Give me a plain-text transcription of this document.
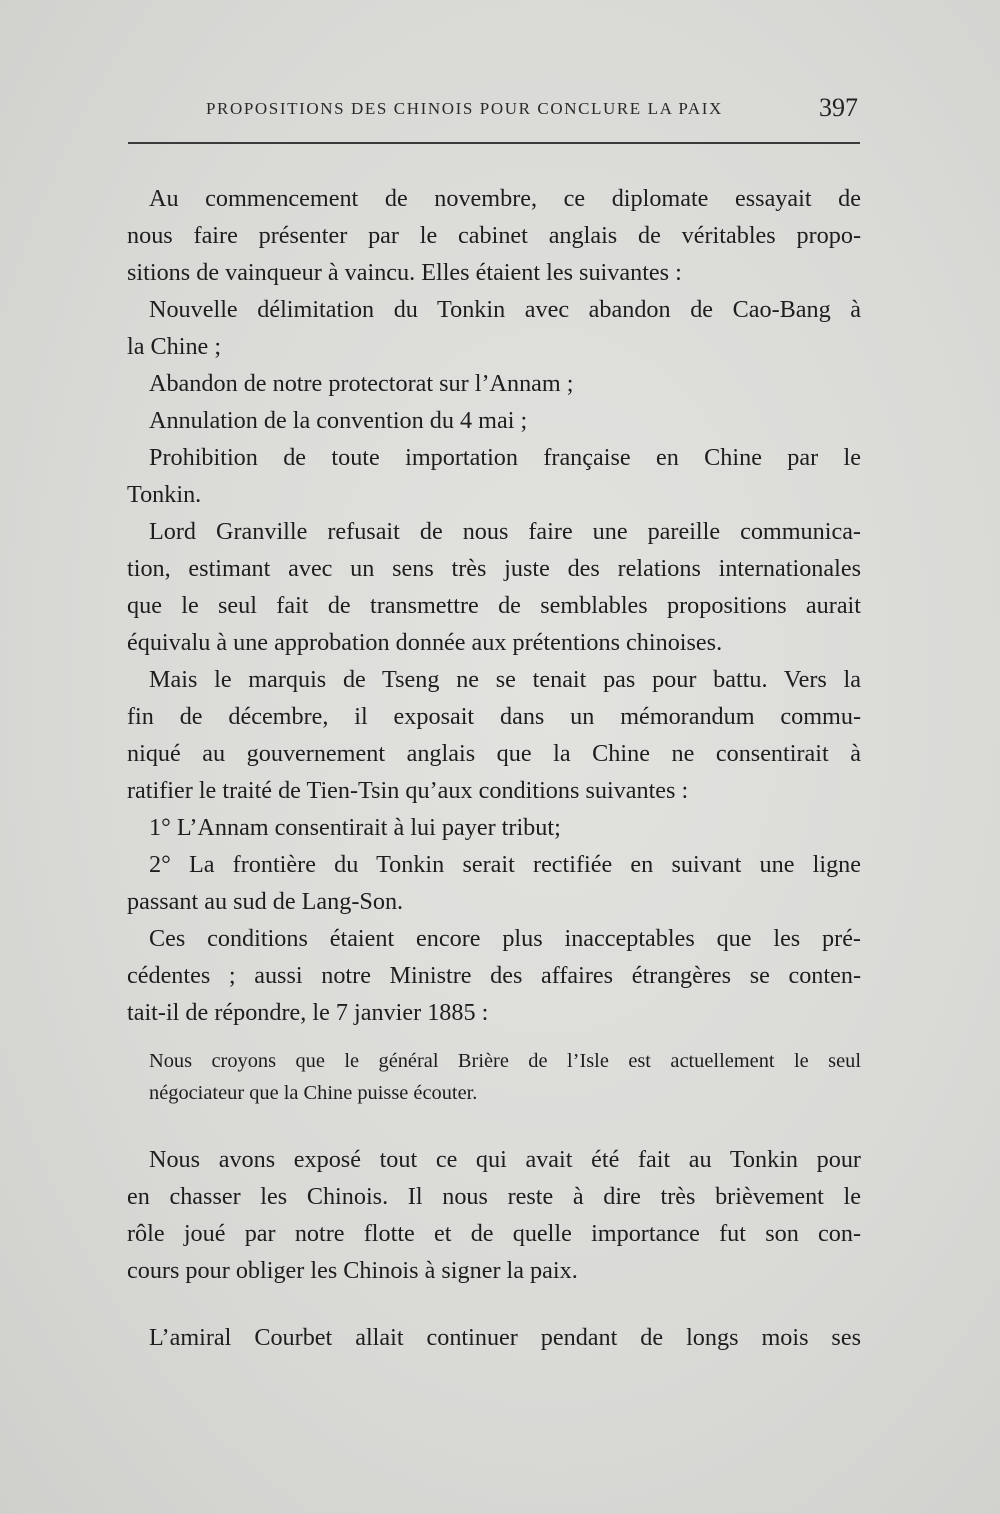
PROPOSITIONS DES CHINOIS POUR CONCLURE LA PAIX	397
Au commencement de novembre, ce diplomate essayait de
nous faire présenter par le cabinet anglais de véritables propo-
sitions de vainqueur à vaincu. Elles étaient les suivantes :
Nouvelle délimitation du Tonkin avec abandon de Cao-Bang à
la Chine ;
Abandon de notre protectorat sur l’Annam ;
Annulation de la convention du 4 mai ;
Prohibition de toute importation française en Chine par le
Tonkin.
Lord Granville refusait de nous faire une pareille communica-
tion, estimant avec un sens très juste des relations internationales
que le seul fait de transmettre de semblables propositions aurait
équivalu à une approbation donnée aux prétentions chinoises.
Mais le marquis de Tseng ne se tenait pas pour battu. Vers la
fin de décembre, il exposait dans un mémorandum commu-
niqué au gouvernement anglais que la Chine ne consentirait à
ratifier le traité de Tien-Tsin qu’aux conditions suivantes :
1° L’Annam consentirait à lui payer tribut;
2° La frontière du Tonkin serait rectifiée en suivant une ligne
passant au sud de Lang-Son.
Ces conditions étaient encore plus inacceptables que les pré-
cédentes ; aussi notre Ministre des affaires étrangères se conten-
tait-il de répondre, le 7 janvier 1885 :
Nous croyons que le général Brière de l’Isle est actuellement le seul
négociateur que la Chine puisse écouter.
Nous avons exposé tout ce qui avait été fait au Tonkin pour
en chasser les Chinois. Il nous reste à dire très brièvement le
rôle joué par notre flotte et de quelle importance fut son con-
cours pour obliger les Chinois à signer la paix.
L’amiral Courbet allait continuer pendant de longs mois ses
